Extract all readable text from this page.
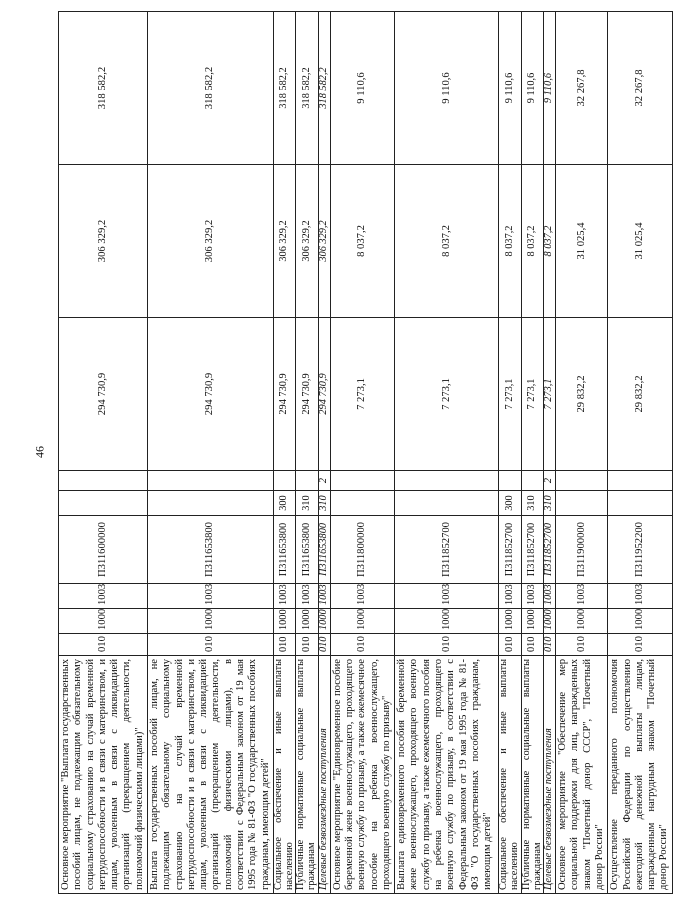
46
Основное мероприятие "Выплата государственных пособий лицам, не подлежащим обязательному социальному страхованию на случай временной нетрудоспособности и в связи с материнством, и лицам, уволенным в связи с ликвидацией организаций (прекращением деятельности, полномочий физическими лицами)"	010	1000	1003	П311600000			294 730,9	306 329,2	318 582,2
Выплата государственных пособий лицам, не подлежащим обязательному социальному страхованию на случай временной нетрудоспособности и в связи с материнством, и лицам, уволенным в связи с ликвидацией организаций (прекращением деятельности, полномочий физическими лицами), в соответствии с Федеральным законом от 19 мая 1995 года № 81-ФЗ "О государственных пособиях гражданам, имеющим детей"	010	1000	1003	П311653800			294 730,9	306 329,2	318 582,2
Социальное обеспечение и иные выплаты населению	010	1000	1003	П311653800	300		294 730,9	306 329,2	318 582,2
Публичные нормативные социальные выплаты гражданам	010	1000	1003	П311653800	310		294 730,9	306 329,2	318 582,2
Целевые безвозмездные поступления	010	1000	1003	П311653800	310	2	294 730,9	306 329,2	318 582,2
Основное мероприятие "Единовременное пособие беременной жене военнослужащего, проходящего военную службу по призыву, а также ежемесячное пособие на ребенка военнослужащего, проходящего военную службу по призыву"	010	1000	1003	П311800000			7 273,1	8 037,2	9 110,6
Выплата единовременного пособия беременной жене военнослужащего, проходящего военную службу по призыву, а также ежемесячного пособия на ребенка военнослужащего, проходящего военную службу по призыву, в соответствии с Федеральным законом от 19 мая 1995 года № 81-ФЗ "О государственных пособиях гражданам, имеющим детей"	010	1000	1003	П311852700			7 273,1	8 037,2	9 110,6
Социальное обеспечение и иные выплаты населению	010	1000	1003	П311852700	300		7 273,1	8 037,2	9 110,6
Публичные нормативные социальные выплаты гражданам	010	1000	1003	П311852700	310		7 273,1	8 037,2	9 110,6
Целевые безвозмездные поступления	010	1000	1003	П311852700	310	2	7 273,1	8 037,2	9 110,6
Основное мероприятие "Обеспечение мер социальной поддержки для лиц, награжденных знаком "Почетный донор СССР", "Почетный донор России"	010	1000	1003	П311900000			29 832,2	31 025,4	32 267,8
Осуществление переданного полномочия Российской Федерации по осуществлению ежегодной денежной выплаты лицам, награжденным нагрудным знаком "Почетный донор России"	010	1000	1003	П311952200			29 832,2	31 025,4	32 267,8
